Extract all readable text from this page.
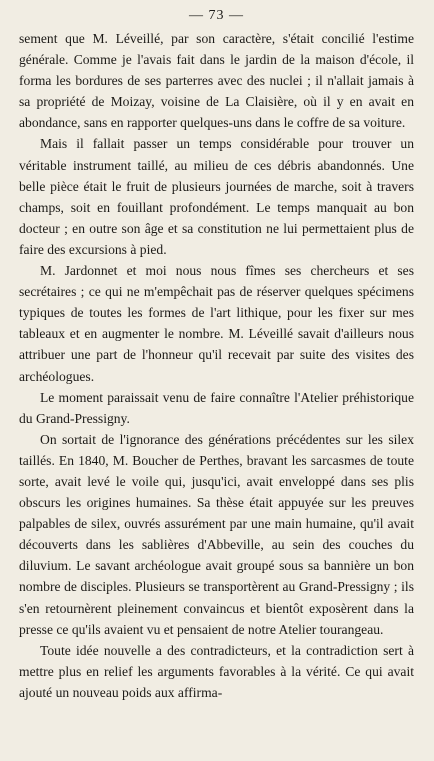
— 73 —

sement que M. Léveillé, par son caractère, s'était concilié l'estime générale. Comme je l'avais fait dans le jardin de la maison d'école, il forma les bordures de ses parterres avec des nuclei ; il n'allait jamais à sa propriété de Moizay, voisine de La Claisière, où il y en avait en abondance, sans en rapporter quelques-uns dans le coffre de sa voiture.

Mais il fallait passer un temps considérable pour trouver un véritable instrument taillé, au milieu de ces débris abandonnés. Une belle pièce était le fruit de plusieurs journées de marche, soit à travers champs, soit en fouillant profondément. Le temps manquait au bon docteur ; en outre son âge et sa constitution ne lui permettaient plus de faire des excursions à pied.

M. Jardonnet et moi nous nous fîmes ses chercheurs et ses secrétaires ; ce qui ne m'empêchait pas de réserver quelques spécimens typiques de toutes les formes de l'art lithique, pour les fixer sur mes tableaux et en augmenter le nombre. M. Léveillé savait d'ailleurs nous attribuer une part de l'honneur qu'il recevait par suite des visites des archéologues.

Le moment paraissait venu de faire connaître l'Atelier préhistorique du Grand-Pressigny.

On sortait de l'ignorance des générations précédentes sur les silex taillés. En 1840, M. Boucher de Perthes, bravant les sarcasmes de toute sorte, avait levé le voile qui, jusqu'ici, avait enveloppé dans ses plis obscurs les origines humaines. Sa thèse était appuyée sur les preuves palpables de silex, ouvrés assurément par une main humaine, qu'il avait découverts dans les sablières d'Abbeville, au sein des couches du diluvium. Le savant archéologue avait groupé sous sa bannière un bon nombre de disciples. Plusieurs se transportèrent au Grand-Pressigny ; ils s'en retournèrent pleinement convaincus et bientôt exposèrent dans la presse ce qu'ils avaient vu et pensaient de notre Atelier tourangeau.

Toute idée nouvelle a des contradicteurs, et la contradiction sert à mettre plus en relief les arguments favorables à la vérité. Ce qui avait ajouté un nouveau poids aux affirma-
